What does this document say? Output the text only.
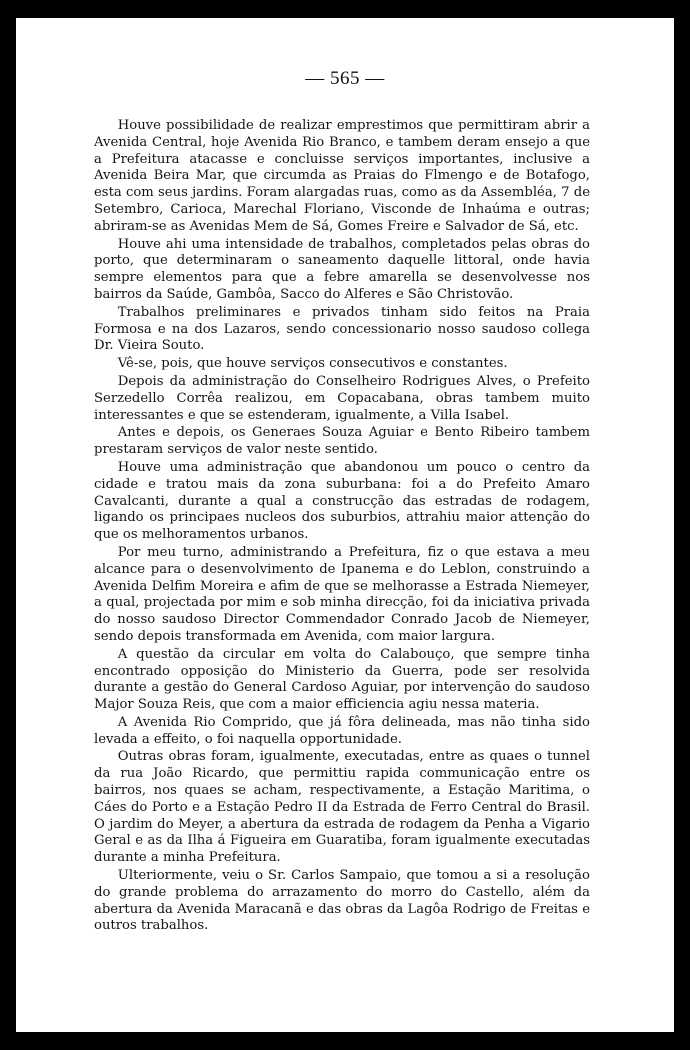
— 565 —

Houve possibilidade de realizar emprestimos que permittiram abrir a Avenida Central, hoje Avenida Rio Branco, e tambem deram ensejo a que a Prefeitura atacasse e concluisse serviços importantes, inclusive a Avenida Beira Mar, que circumda as Praias do Flmengo e de Botafogo, esta com seus jardins. Foram alargadas ruas, como as da Assembléa, 7 de Setembro, Carioca, Marechal Floriano, Visconde de Inhaúma e outras; abriram-se as Avenidas Mem de Sá, Gomes Freire e Salvador de Sá, etc.

Houve ahi uma intensidade de trabalhos, completados pelas obras do porto, que determinaram o saneamento daquelle littoral, onde havia sempre elementos para que a febre amarella se desenvolvesse nos bairros da Saúde, Gambôa, Sacco do Alferes e São Christovão.

Trabalhos preliminares e privados tinham sido feitos na Praia Formosa e na dos Lazaros, sendo concessionario nosso saudoso collega Dr. Vieira Souto.

Vê-se, pois, que houve serviços consecutivos e constantes.

Depois da administração do Conselheiro Rodrigues Alves, o Prefeito Serzedello Corrêa realizou, em Copacabana, obras tambem muito interessantes e que se estenderam, igualmente, a Villa Isabel.

Antes e depois, os Generaes Souza Aguiar e Bento Ribeiro tambem prestaram serviços de valor neste sentido.

Houve uma administração que abandonou um pouco o centro da cidade e tratou mais da zona suburbana: foi a do Prefeito Amaro Cavalcanti, durante a qual a construcção das estradas de rodagem, ligando os principaes nucleos dos suburbios, attrahiu maior attenção do que os melhoramentos urbanos.

Por meu turno, administrando a Prefeitura, fiz o que estava a meu alcance para o desenvolvimento de Ipanema e do Leblon, construindo a Avenida Delfim Moreira e afim de que se melhorasse a Estrada Niemeyer, a qual, projectada por mim e sob minha direcção, foi da iniciativa privada do nosso saudoso Director Commendador Conrado Jacob de Niemeyer, sendo depois transformada em Avenida, com maior largura.

A questão da circular em volta do Calabouço, que sempre tinha encontrado opposição do Ministerio da Guerra, pode ser resolvida durante a gestão do General Cardoso Aguiar, por intervenção do saudoso Major Souza Reis, que com a maior efficiencia agiu nessa materia.

A Avenida Rio Comprido, que já fôra delineada, mas não tinha sido levada a effeito, o foi naquella opportunidade.

Outras obras foram, igualmente, executadas, entre as quaes o tunnel da rua João Ricardo, que permittiu rapida communicação entre os bairros, nos quaes se acham, respectivamente, a Estação Maritima, o Cáes do Porto e a Estação Pedro II da Estrada de Ferro Central do Brasil. O jardim do Meyer, a abertura da estrada de rodagem da Penha a Vigario Geral e as da Ilha á Figueira em Guaratiba, foram igualmente executadas durante a minha Prefeitura.

Ulteriormente, veiu o Sr. Carlos Sampaio, que tomou a si a resolução do grande problema do arrazamento do morro do Castello, além da abertura da Avenida Maracanã e das obras da Lagôa Rodrigo de Freitas e outros trabalhos.
